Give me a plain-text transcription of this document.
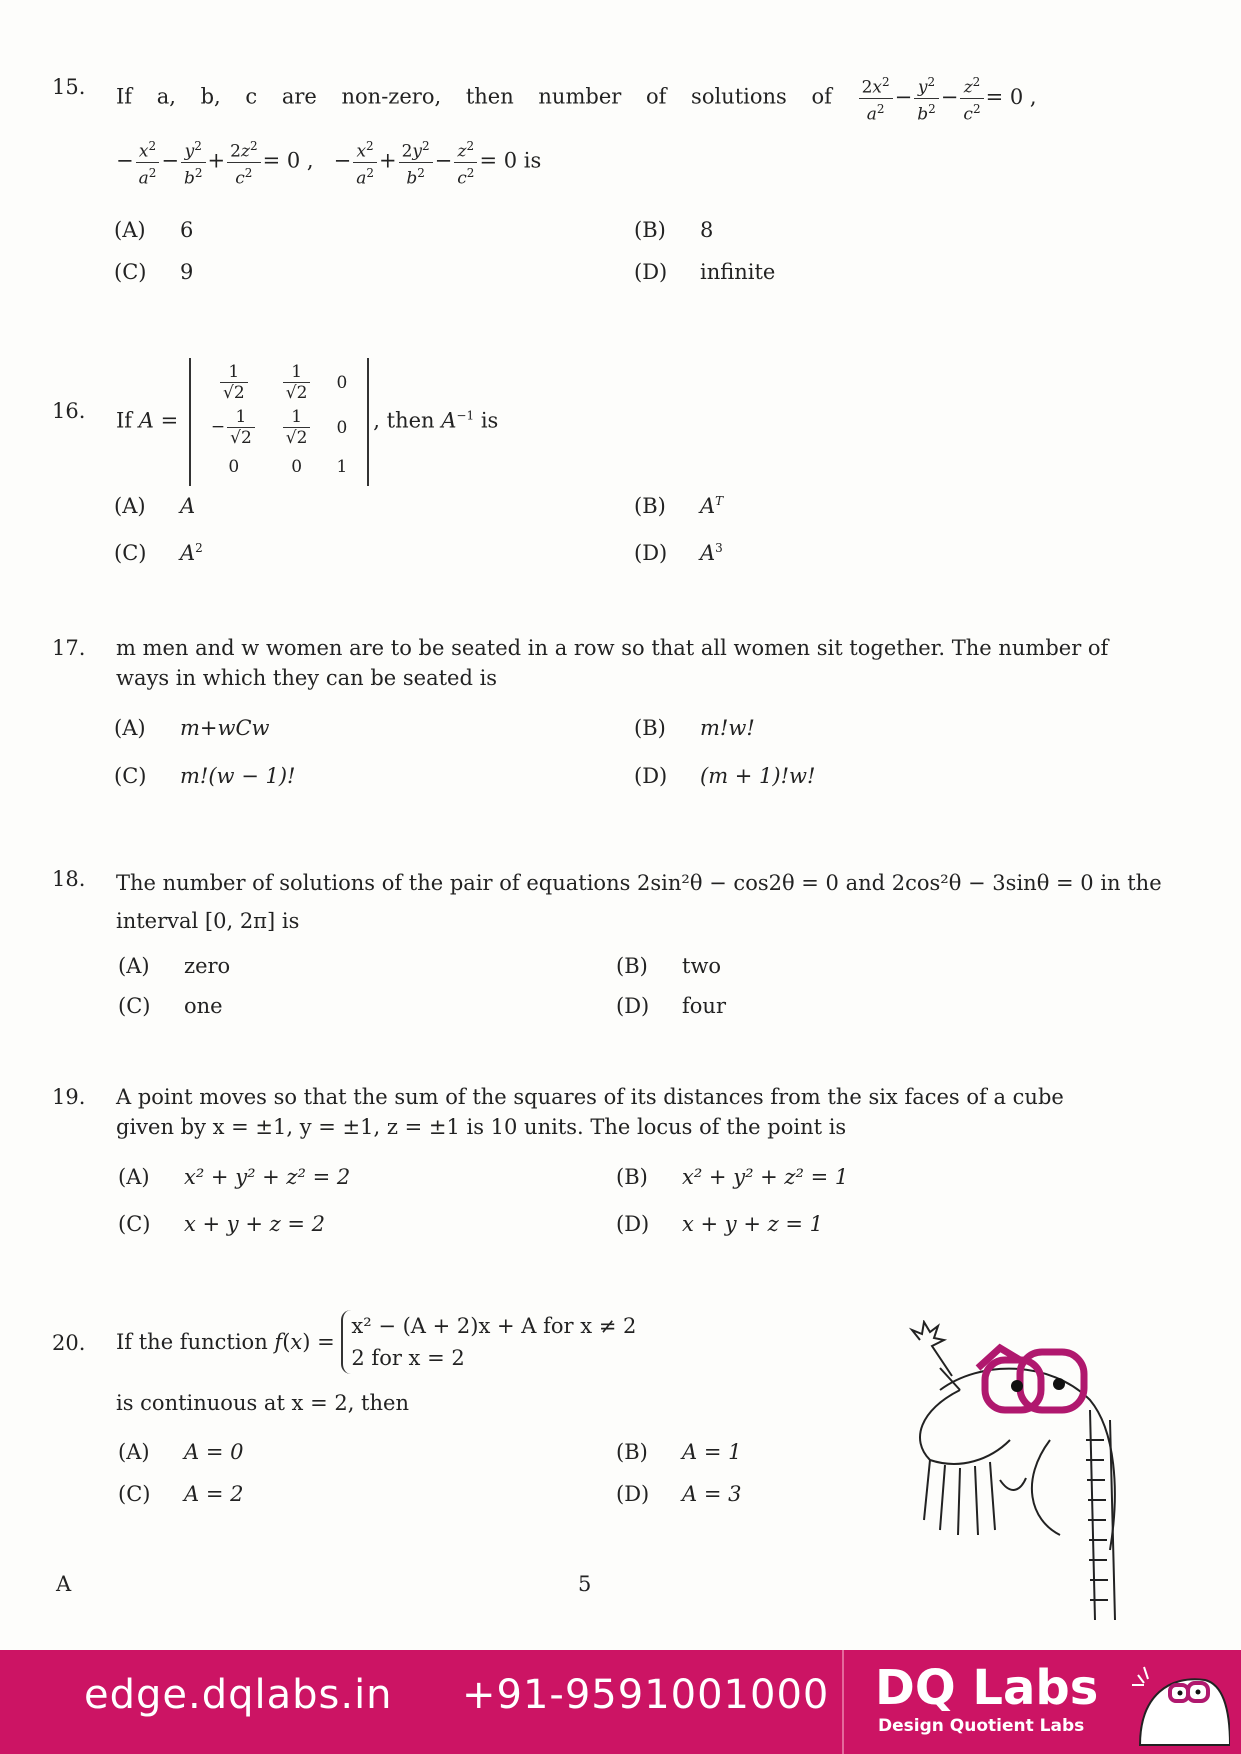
15. If a, b, c are non-zero, then number of solutions of $\frac{2x^2}{a^2} - \frac{y^2}{b^2} - \frac{z^2}{c^2} = 0$ ,
− $\frac{x^2}{a^2} - \frac{y^2}{b^2} + \frac{2z^2}{c^2} = 0$ ,   − $\frac{x^2}{a^2} + \frac{2y^2}{b^2} - \frac{z^2}{c^2} = 0$ is
(A) 6	(B) 8
(C) 9	(D) infinite
16. If A =
$\frac{1}{√2}$	$\frac{1}{√2}$	0
− $\frac{1}{√2}$	$\frac{1}{√2}$	0
0	0	1
, then $A^{-1}$ is
(A) A	(B) $A^T$
(C) $A^2$	(D) $A^3$
17. m men and w women are to be seated in a row so that all women sit together. The number of ways in which they can be seated is
(A) m+wCw	(B) m!w!
(C) m!(w − 1)!	(D) (m + 1)!w!
18. The number of solutions of the pair of equations 2sin²θ − cos2θ = 0 and 2cos²θ − 3sinθ = 0 in the interval [0, 2π] is
(A) zero	(B) two
(C) one	(D) four
19. A point moves so that the sum of the squares of its distances from the six faces of a cube given by x = ±1, y = ±1, z = ±1 is 10 units. The locus of the point is
(A) x² + y² + z² = 2	(B) x² + y² + z² = 1
(C) x + y + z = 2	(D) x + y + z = 1
20. If the function f(x) =
x² − (A + 2)x + A for x ≠ 2
2 for x = 2
is continuous at x = 2, then
(A) A = 0	(B) A = 1
(C) A = 2	(D) A = 3
A	5
edge.dqlabs.in +91-9591001000 DQ Labs
Design Quotient Labs
